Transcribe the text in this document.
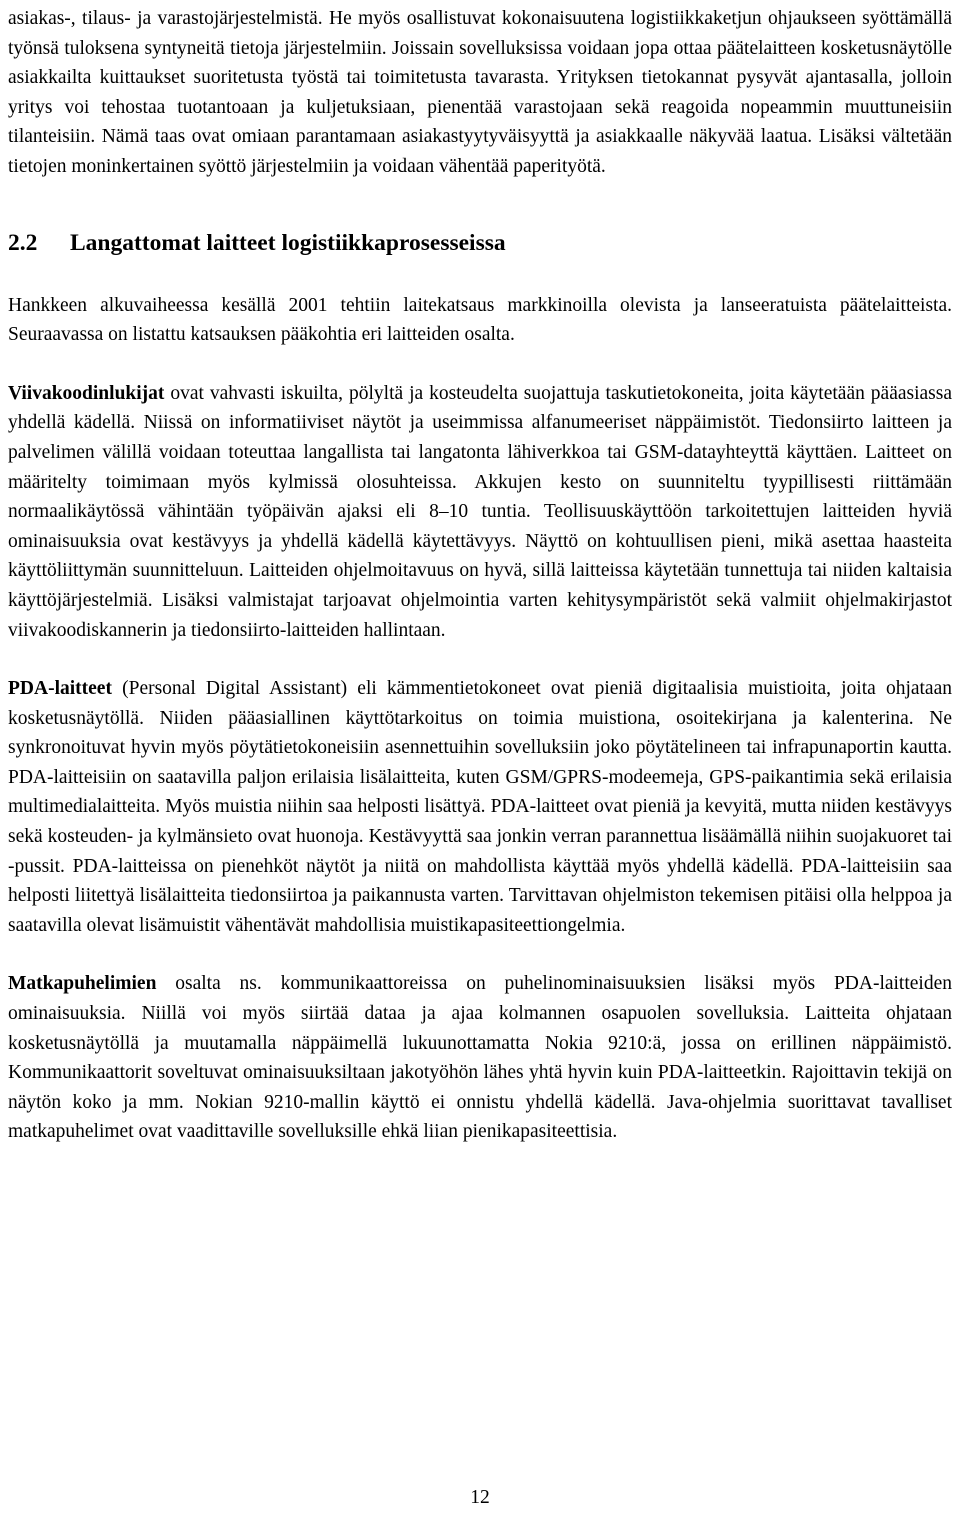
asiakas-, tilaus- ja varastojärjestelmistä. He myös osallistuvat kokonaisuutena logistiikkaketjun ohjaukseen syöttämällä työnsä tuloksena syntyneitä tietoja järjestelmiin. Joissain sovelluksissa voidaan jopa ottaa päätelaitteen kosketusnäytölle asiakkailta kuittaukset suoritetusta työstä tai toimitetusta tavarasta. Yrityksen tietokannat pysyvät ajantasalla, jolloin yritys voi tehostaa tuotantoaan ja kuljetuksiaan, pienentää varastojaan sekä reagoida nopeammin muuttuneisiin tilanteisiin. Nämä taas ovat omiaan parantamaan asiakastyytyväisyyttä ja asiakkaalle näkyvää laatua. Lisäksi vältetään tietojen moninkertainen syöttö järjestelmiin ja voidaan vähentää paperityötä.

2.2 Langattomat laitteet logistiikkaprosesseissa

Hankkeen alkuvaiheessa kesällä 2001 tehtiin laitekatsaus markkinoilla olevista ja lanseeratuista päätelaitteista. Seuraavassa on listattu katsauksen pääkohtia eri laitteiden osalta.

Viivakoodinlukijat ovat vahvasti iskuilta, pölyltä ja kosteudelta suojattuja taskutietokoneita, joita käytetään pääasiassa yhdellä kädellä. Niissä on informatiiviset näytöt ja useimmissa alfanumeeriset näppäimistöt. Tiedonsiirto laitteen ja palvelimen välillä voidaan toteuttaa langallista tai langatonta lähiverkkoa tai GSM-datayhteyttä käyttäen. Laitteet on määritelty toimimaan myös kylmissä olosuhteissa. Akkujen kesto on suunniteltu tyypillisesti riittämään normaalikäytössä vähintään työpäivän ajaksi eli 8–10 tuntia. Teollisuuskäyttöön tarkoitettujen laitteiden hyviä ominaisuuksia ovat kestävyys ja yhdellä kädellä käytettävyys. Näyttö on kohtuullisen pieni, mikä asettaa haasteita käyttöliittymän suunnitteluun. Laitteiden ohjelmoitavuus on hyvä, sillä laitteissa käytetään tunnettuja tai niiden kaltaisia käyttöjärjestelmiä. Lisäksi valmistajat tarjoavat ohjelmointia varten kehitysympäristöt sekä valmiit ohjelmakirjastot viivakoodiskannerin ja tiedonsiirto-laitteiden hallintaan.

PDA-laitteet (Personal Digital Assistant) eli kämmentietokoneet ovat pieniä digitaalisia muistioita, joita ohjataan kosketusnäytöllä. Niiden pääasiallinen käyttötarkoitus on toimia muistiona, osoitekirjana ja kalenterina. Ne synkronoituvat hyvin myös pöytätietokoneisiin asennettuihin sovelluksiin joko pöytätelineen tai infrapunaportin kautta. PDA-laitteisiin on saatavilla paljon erilaisia lisälaitteita, kuten GSM/GPRS-modeemeja, GPS-paikantimia sekä erilaisia multimedialaitteita. Myös muistia niihin saa helposti lisättyä. PDA-laitteet ovat pieniä ja kevyitä, mutta niiden kestävyys sekä kosteuden- ja kylmänsieto ovat huonoja. Kestävyyttä saa jonkin verran parannettua lisäämällä niihin suojakuoret tai -pussit. PDA-laitteissa on pienehköt näytöt ja niitä on mahdollista käyttää myös yhdellä kädellä. PDA-laitteisiin saa helposti liitettyä lisälaitteita tiedonsiirtoa ja paikannusta varten. Tarvittavan ohjelmiston tekemisen pitäisi olla helppoa ja saatavilla olevat lisämuistit vähentävät mahdollisia muistikapasiteettiongelmia.

Matkapuhelimien osalta ns. kommunikaattoreissa on puhelinominaisuuksien lisäksi myös PDA-laitteiden ominaisuuksia. Niillä voi myös siirtää dataa ja ajaa kolmannen osapuolen sovelluksia. Laitteita ohjataan kosketusnäytöllä ja muutamalla näppäimellä lukuunottamatta Nokia 9210:ä, jossa on erillinen näppäimistö. Kommunikaattorit soveltuvat ominaisuuksiltaan jakotyöhön lähes yhtä hyvin kuin PDA-laitteetkin. Rajoittavin tekijä on näytön koko ja mm. Nokian 9210-mallin käyttö ei onnistu yhdellä kädellä. Java-ohjelmia suorittavat tavalliset matkapuhelimet ovat vaadittaville sovelluksille ehkä liian pienikapasiteettisia.

12
